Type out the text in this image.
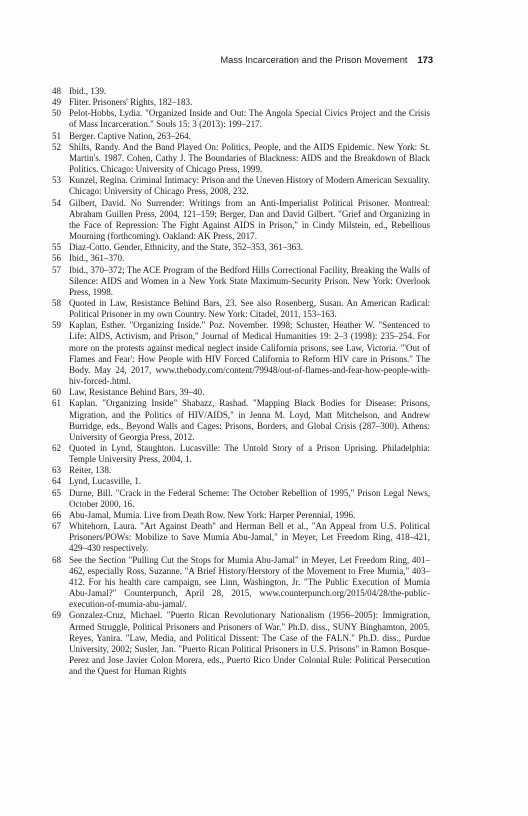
Mass Incarceration and the Prison Movement 173
48 Ibid., 139.
49 Fliter. Prisoners' Rights, 182–183.
50 Pelot-Hobbs, Lydia. "Organized Inside and Out: The Angola Special Civics Project and the Crisis of Mass Incarceration." Souls 15: 3 (2013): 199–217.
51 Berger. Captive Nation, 263–264.
52 Shilts, Randy. And the Band Played On: Politics, People, and the AIDS Epidemic. New York: St. Martin's. 1987. Cohen, Cathy J. The Boundaries of Blackness: AIDS and the Breakdown of Black Politics. Chicago: University of Chicago Press, 1999.
53 Kunzel, Regina. Criminal Intimacy: Prison and the Uneven History of Modern American Sexuality. Chicago: University of Chicago Press, 2008, 232.
54 Gilbert, David. No Surrender: Writings from an Anti-Imperialist Political Prisoner. Montreal: Abraham Guillen Press, 2004, 121–159; Berger, Dan and David Gilbert. "Grief and Organizing in the Face of Repression: The Fight Against AIDS in Prison," in Cindy Milstein, ed., Rebellious Mourning (forthcoming). Oakland: AK Press, 2017.
55 Diaz-Cotto. Gender, Ethnicity, and the State, 352–353, 361–363.
56 Ibid., 361–370.
57 Ibid., 370–372; The ACE Program of the Bedford Hills Correctional Facility, Breaking the Walls of Silence: AIDS and Women in a New York State Maximum-Security Prison. New York: Overlook Press, 1998.
58 Quoted in Law, Resistance Behind Bars, 23. See also Rosenberg, Susan. An American Radical: Political Prisoner in my own Country. New York: Citadel, 2011, 153–163.
59 Kaplan, Esther. "Organizing Inside." Poz. November. 1998; Schuster, Heather W. "Sentenced to Life: AIDS, Activism, and Prison," Journal of Medical Humanities 19: 2–3 (1998): 235–254. For more on the protests against medical neglect inside California prisons, see Law, Victoria. "'Out of Flames and Fear': How People with HIV Forced California to Reform HIV care in Prisons." The Body. May 24, 2017, www.thebody.com/content/79948/out-of-flames-and-fear-how-people-with-hiv-forced-.html.
60 Law, Resistance Behind Bars, 39–40.
61 Kaplan. "Organizing Inside" Shabazz, Rashad. "Mapping Black Bodies for Disease: Prisons, Migration, and the Politics of HIV/AIDS," in Jenna M. Loyd, Matt Mitchelson, and Andrew Burridge, eds., Beyond Walls and Cages: Prisons, Borders, and Global Crisis (287–300). Athens: University of Georgia Press, 2012.
62 Quoted in Lynd, Staughton. Lucasville: The Untold Story of a Prison Uprising. Philadelphia: Temple University Press, 2004, 1.
63 Reiter, 138.
64 Lynd, Lucasville, 1.
65 Durne, Bill. "Crack in the Federal Scheme: The October Rebellion of 1995," Prison Legal News, October 2000, 16.
66 Abu-Jamal, Mumia. Live from Death Row. New York: Harper Perennial, 1996.
67 Whitehorn, Laura. "Art Against Death" and Herman Bell et al., "An Appeal from U.S. Political Prisoners/POWs: Mobilize to Save Mumia Abu-Jamal," in Meyer, Let Freedom Ring, 418–421, 429–430 respectively.
68 See the Section "Pulling Cut the Stops for Mumia Abu-Jamal" in Meyer, Let Freedom Ring, 401–462, especially Ross, Suzanne. "A Brief History/Herstory of the Movement to Free Mumia," 403–412. For his health care campaign, see Linn, Washington, Jr. "The Public Execution of Mumia Abu-Jamal?" Counterpunch, April 28, 2015, www.counterpunch.org/2015/04/28/the-public-execution-of-mumia-abu-jamal/.
69 Gonzalez-Cruz, Michael. "Puerto Rican Revolutionary Nationalism (1956–2005): Immigration, Armed Struggle, Political Prisoners and Prisoners of War." Ph.D. diss., SUNY Binghamton, 2005. Reyes, Yanira. "Law, Media, and Political Dissent: The Case of the FALN." Ph.D. diss., Purdue University, 2002; Susler, Jan. "Puerto Rican Political Prisoners in U.S. Prisons" in Ramon Bosque-Perez and Jose Javier Colon Morera, eds., Puerto Rico Under Colonial Rule: Political Persecution and the Quest for Human Rights
